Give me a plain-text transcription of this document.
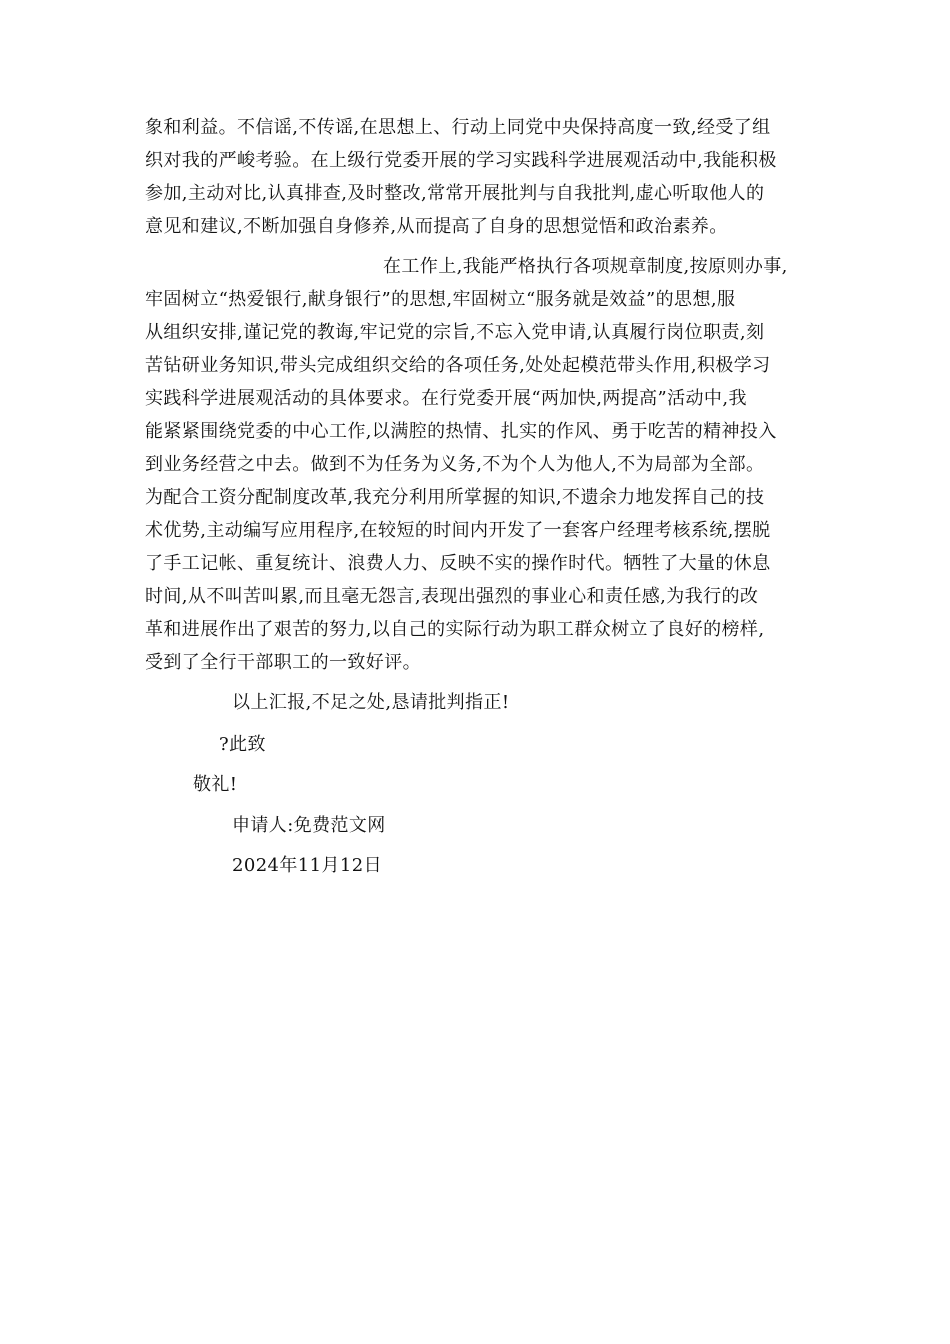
象和利益。不信谣,不传谣,在思想上、行动上同党中央保持高度一致,经受了组
织对我的严峻考验。在上级行党委开展的学习实践科学进展观活动中,我能积极
参加,主动对比,认真排查,及时整改,常常开展批判与自我批判,虚心听取他人的
意见和建议,不断加强自身修养,从而提高了自身的思想觉悟和政治素养。
在工作上,我能严格执行各项规章制度,按原则办事,
牢固树立“热爱银行,献身银行”的思想,牢固树立“服务就是效益”的思想,服
从组织安排,谨记党的教诲,牢记党的宗旨,不忘入党申请,认真履行岗位职责,刻
苦钻研业务知识,带头完成组织交给的各项任务,处处起模范带头作用,积极学习
实践科学进展观活动的具体要求。在行党委开展“两加快,两提高”活动中,我
能紧紧围绕党委的中心工作,以满腔的热情、扎实的作风、勇于吃苦的精神投入
到业务经营之中去。做到不为任务为义务,不为个人为他人,不为局部为全部。
为配合工资分配制度改革,我充分利用所掌握的知识,不遗余力地发挥自己的技
术优势,主动编写应用程序,在较短的时间内开发了一套客户经理考核系统,摆脱
了手工记帐、重复统计、浪费人力、反映不实的操作时代。牺牲了大量的休息
时间,从不叫苦叫累,而且毫无怨言,表现出强烈的事业心和责任感,为我行的改
革和进展作出了艰苦的努力,以自己的实际行动为职工群众树立了良好的榜样,
受到了全行干部职工的一致好评。
以上汇报,不足之处,恳请批判指正!
?此致
敬礼!
申请人:免费范文网
2024年11月12日
